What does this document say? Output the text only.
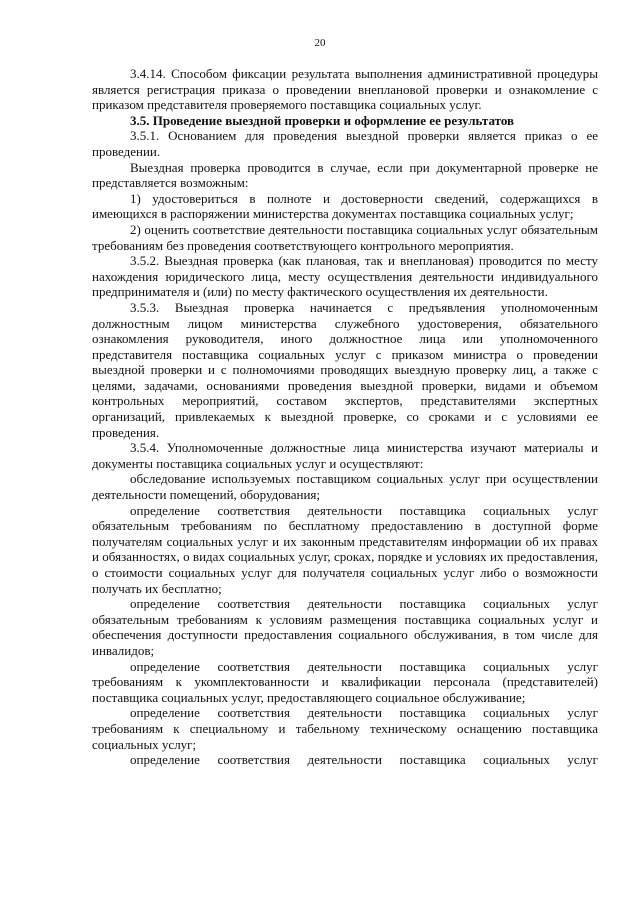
20

3.4.14. Способом фиксации результата выполнения административной процедуры является регистрация приказа о проведении внеплановой проверки и ознакомление с приказом представителя проверяемого поставщика социальных услуг.

3.5. Проведение выездной проверки и оформление ее результатов

3.5.1. Основанием для проведения выездной проверки является приказ о ее проведении.

Выездная проверка проводится в случае, если при документарной проверке не представляется возможным:

1) удостовериться в полноте и достоверности сведений, содержащихся в имеющихся в распоряжении министерства документах поставщика социальных услуг;

2) оценить соответствие деятельности поставщика социальных услуг обязательным требованиям без проведения соответствующего контрольного мероприятия.

3.5.2. Выездная проверка (как плановая, так и внеплановая) проводится по месту нахождения юридического лица, месту осуществления деятельности индивидуального предпринимателя и (или) по месту фактического осуществления их деятельности.

3.5.3. Выездная проверка начинается с предъявления уполномоченным должностным лицом министерства служебного удостоверения, обязательного ознакомления руководителя, иного должностное лица или уполномоченного представителя поставщика социальных услуг с приказом министра о проведении выездной проверки и с полномочиями проводящих выездную проверку лиц, а также с целями, задачами, основаниями проведения выездной проверки, видами и объемом контрольных мероприятий, составом экспертов, представителями экспертных организаций, привлекаемых к выездной проверке, со сроками и с условиями ее проведения.

3.5.4. Уполномоченные должностные лица министерства изучают материалы и документы поставщика социальных услуг и осуществляют:

обследование используемых поставщиком социальных услуг при осуществлении деятельности помещений, оборудования;

определение соответствия деятельности поставщика социальных услуг обязательным требованиям по бесплатному предоставлению в доступной форме получателям социальных услуг и их законным представителям информации об их правах и обязанностях, о видах социальных услуг, сроках, порядке и условиях их предоставления, о стоимости социальных услуг для получателя социальных услуг либо о возможности получать их бесплатно;

определение соответствия деятельности поставщика социальных услуг обязательным требованиям к условиям размещения поставщика социальных услуг и обеспечения доступности предоставления социального обслуживания, в том числе для инвалидов;

определение соответствия деятельности поставщика социальных услуг требованиям к укомплектованности и квалификации персонала (представителей) поставщика социальных услуг, предоставляющего социальное обслуживание;

определение соответствия деятельности поставщика социальных услуг требованиям к специальному и табельному техническому оснащению поставщика социальных услуг;

определение соответствия деятельности поставщика социальных услуг
